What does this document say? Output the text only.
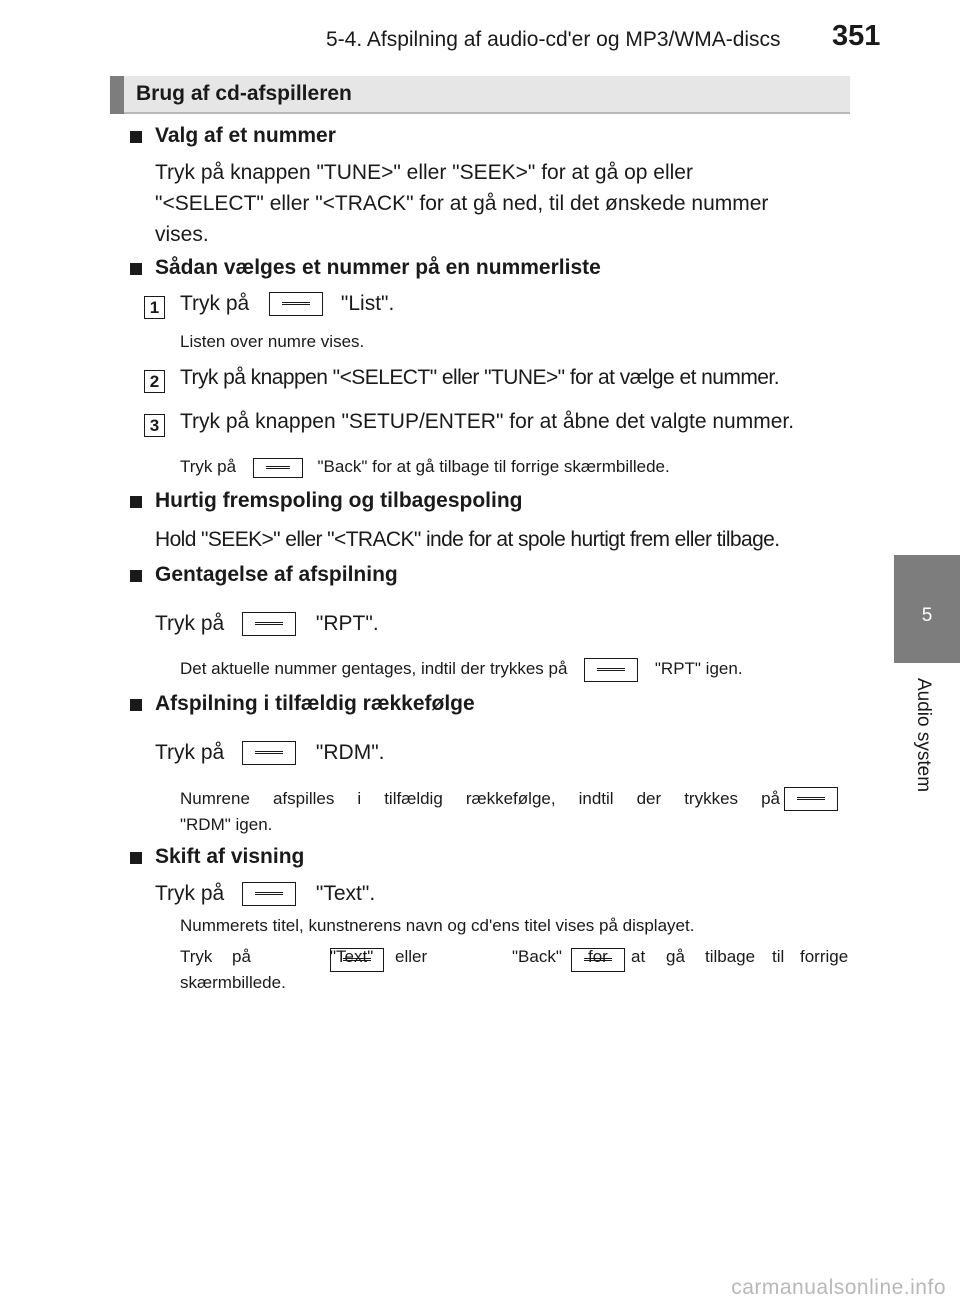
5-4. Afspilning af audio-cd'er og MP3/WMA-discs 351
Brug af cd-afspilleren
5
Audio system
Valg af et nummer
Tryk på knappen "TUNE>" eller "SEEK>" for at gå op eller
"<SELECT" eller "<TRACK" for at gå ned, til det ønskede nummer
vises.
Sådan vælges et nummer på en nummerliste
1 Tryk på	"List".
Listen over numre vises.
2 Tryk på knappen "<SELECT" eller "TUNE>" for at vælge et nummer.
3 Tryk på knappen "SETUP/ENTER" for at åbne det valgte nummer.
Tryk på	"Back" for at gå tilbage til forrige skærmbillede.
Hurtig fremspoling og tilbagespoling
Hold "SEEK>" eller "<TRACK" inde for at spole hurtigt frem eller tilbage.
Gentagelse af afspilning
Tryk på	"RPT".
Det aktuelle nummer gentages, indtil der trykkes på	"RPT" igen.
Afspilning i tilfældig rækkefølge
Tryk på	"RDM".
Numrene afspilles i tilfældig rækkefølge, indtil der trykkes på

"RDM" igen.
Skift af visning
Tryk på	"Text".
Nummerets titel, kunstnerens navn og cd'ens titel vises på displayet.
Tryk på
	"Text" eller	"Back" for at gå tilbage til forrige
skærmbillede.
carmanualsonline.info
